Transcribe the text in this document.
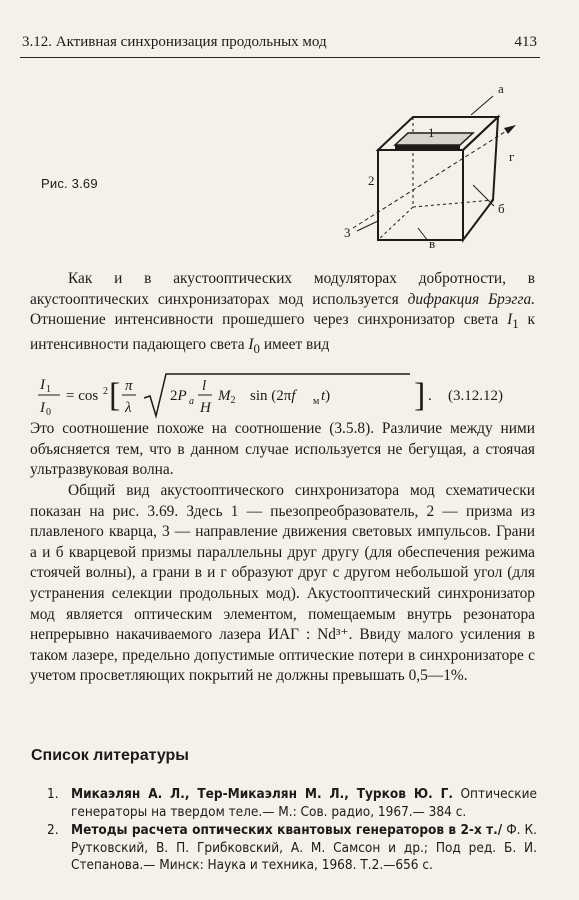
3.12. Активная синхронизация продольных мод	413
Рис. 3.69
а
1
г
2
б
3
в
Как и в акустооптических модуляторах добротности, в акустооптических синхронизаторах мод используется дифракция Брэгга. Отношение интенсивности прошедшего через синхронизатор света $I_1$ к интенсивности падающего света $I_0$ имеет вид
I 1
I 0
= cos 2 [ π
λ
2P a
l
H
$M_2$ sin (2πf м t) ] . (3.12.12)
Это соотношение похоже на соотношение (3.5.8). Различие между ними объясняется тем, что в данном случае используется не бегущая, а стоячая ультразвуковая волна.
Общий вид акустооптического синхронизатора мод схематически показан на рис. 3.69. Здесь 1 — пьезопреобразователь, 2 — призма из плавленого кварца, 3 — направление движения световых импульсов. Грани а и б кварцевой призмы параллельны друг другу (для обеспечения режима стоячей волны), а грани в и г образуют друг с другом небольшой угол (для устранения селекции продольных мод). Акустооптический синхронизатор мод является оптическим элементом, помещаемым внутрь резонатора непрерывно накачиваемого лазера ИАГ : Nd³⁺. Ввиду малого усиления в таком лазере, предельно допустимые оптические потери в синхронизаторе с учетом просветляющих покрытий не должны превышать 0,5—1%.
Список литературы
1. Микаэлян А. Л., Тер-Микаэлян М. Л., Турков Ю. Г. Оптические генераторы на твердом теле.— М.: Сов. радио, 1967.— 384 с.
2. Методы расчета оптических квантовых генераторов в 2-х т./ Ф. К. Рутковский, В. П. Грибковский, А. М. Самсон и др.; Под ред. Б. И. Степанова.— Минск: Наука и техника, 1968. Т.2.—656 с.
